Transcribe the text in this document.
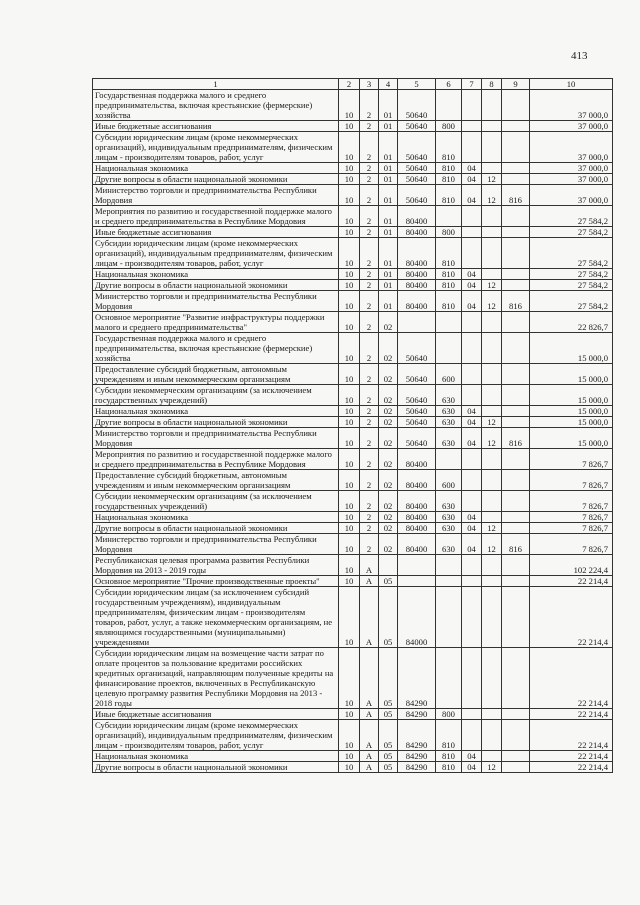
413
1	2	3	4	5	6	7	8	9	10
Государственная поддержка малого и среднего предпринимательства, включая крестьянские (фермерские) хозяйства	10	2	01	50640					37 000,0
Иные бюджетные ассигнования	10	2	01	50640	800				37 000,0
Субсидии юридическим лицам (кроме некоммерческих организаций), индивидуальным предпринимателям, физическим лицам - производителям товаров, работ, услуг	10	2	01	50640	810				37 000,0
Национальная экономика	10	2	01	50640	810	04			37 000,0
Другие вопросы в области национальной экономики	10	2	01	50640	810	04	12		37 000,0
Министерство торговли и предпринимательства Республики Мордовия	10	2	01	50640	810	04	12	816	37 000,0
Мероприятия по развитию и государственной поддержке малого и среднего предпринимательства в Республике Мордовия	10	2	01	80400					27 584,2
Иные бюджетные ассигнования	10	2	01	80400	800				27 584,2
Субсидии юридическим лицам (кроме некоммерческих организаций), индивидуальным предпринимателям, физическим лицам - производителям товаров, работ, услуг	10	2	01	80400	810				27 584,2
Национальная экономика	10	2	01	80400	810	04			27 584,2
Другие вопросы в области национальной экономики	10	2	01	80400	810	04	12		27 584,2
Министерство торговли и предпринимательства Республики Мордовия	10	2	01	80400	810	04	12	816	27 584,2
Основное мероприятие "Развитие инфраструктуры поддержки малого и среднего предпринимательства"	10	2	02						22 826,7
Государственная поддержка малого и среднего предпринимательства, включая крестьянские (фермерские) хозяйства	10	2	02	50640					15 000,0
Предоставление субсидий бюджетным, автономным учреждениям и иным некоммерческим организациям	10	2	02	50640	600				15 000,0
Субсидии некоммерческим организациям (за исключением государственных учреждений)	10	2	02	50640	630				15 000,0
Национальная экономика	10	2	02	50640	630	04			15 000,0
Другие вопросы в области национальной экономики	10	2	02	50640	630	04	12		15 000,0
Министерство торговли и предпринимательства Республики Мордовия	10	2	02	50640	630	04	12	816	15 000,0
Мероприятия по развитию и государственной поддержке малого и среднего предпринимательства в Республике Мордовия	10	2	02	80400					7 826,7
Предоставление субсидий бюджетным, автономным учреждениям и иным некоммерческим организациям	10	2	02	80400	600				7 826,7
Субсидии некоммерческим организациям (за исключением государственных учреждений)	10	2	02	80400	630				7 826,7
Национальная экономика	10	2	02	80400	630	04			7 826,7
Другие вопросы в области национальной экономики	10	2	02	80400	630	04	12		7 826,7
Министерство торговли и предпринимательства Республики Мордовия	10	2	02	80400	630	04	12	816	7 826,7
Республиканская целевая программа развития Республики Мордовия на 2013 - 2019 годы	10	А							102 224,4
Основное мероприятие "Прочие производственные проекты"	10	А	05						22 214,4
Субсидии юридическим лицам (за исключением субсидий государственным учреждениям), индивидуальным предпринимателям, физическим лицам - производителям товаров, работ, услуг, а также некоммерческим организациям, не являющимся государственными (муниципальными) учреждениями	10	А	05	84000					22 214,4
Субсидии юридическим лицам на возмещение части затрат по оплате процентов за пользование кредитами российских кредитных организаций, направляющим полученные кредиты на финансирование проектов, включенных в Республиканскую целевую программу развития Республики Мордовия на 2013 - 2018 годы	10	А	05	84290					22 214,4
Иные бюджетные ассигнования	10	А	05	84290	800				22 214,4
Субсидии юридическим лицам (кроме некоммерческих организаций), индивидуальным предпринимателям, физическим лицам - производителям товаров, работ, услуг	10	А	05	84290	810				22 214,4
Национальная экономика	10	А	05	84290	810	04			22 214,4
Другие вопросы в области национальной экономики	10	А	05	84290	810	04	12		22 214,4
